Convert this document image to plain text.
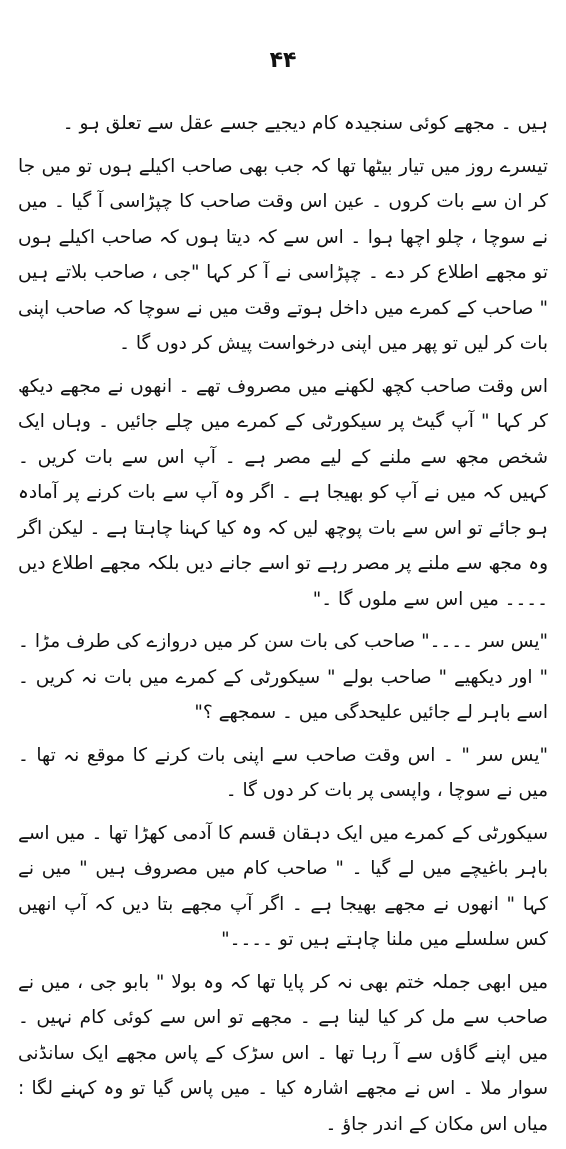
۴۴

ہیں ۔ مجھے کوئی سنجیدہ کام دیجیے جسے عقل سے تعلق ہو ۔

تیسرے روز میں تیار بیٹھا تھا کہ جب بھی صاحب اکیلے ہوں تو میں جا کر ان سے بات کروں ۔ عین اس وقت صاحب کا چپڑاسی آ گیا ۔ میں نے سوچا ، چلو اچھا ہوا ۔ اس سے کہ دیتا ہوں کہ صاحب اکیلے ہوں تو مجھے اطلاع کر دے ۔ چپڑاسی نے آ کر کہا "جی ، صاحب بلاتے ہیں " صاحب کے کمرے میں داخل ہوتے وقت میں نے سوچا کہ صاحب اپنی بات کر لیں تو پھر میں اپنی درخواست پیش کر دوں گا ۔

اس وقت صاحب کچھ لکھنے میں مصروف تھے ۔ انھوں نے مجھے دیکھ کر کہا " آپ گیٹ پر سیکورٹی کے کمرے میں چلے جائیں ۔ وہاں ایک شخص مجھ سے ملنے کے لیے مصر ہے ۔ آپ اس سے بات کریں ۔ کہیں کہ میں نے آپ کو بھیجا ہے ۔ اگر وہ آپ سے بات کرنے پر آمادہ ہو جائے تو اس سے بات پوچھ لیں کہ وہ کیا کہنا چاہتا ہے ۔ لیکن اگر وہ مجھ سے ملنے پر مصر رہے تو اسے جانے دیں بلکہ مجھے اطلاع دیں ۔۔۔۔ میں اس سے ملوں گا ۔"

"یس سر ۔۔۔۔" صاحب کی بات سن کر میں دروازے کی طرف مڑا ۔ " اور دیکھیے " صاحب بولے " سیکورٹی کے کمرے میں بات نہ کریں ۔ اسے باہر لے جائیں علیحدگی میں ۔ سمجھے ؟"

"یس سر " ۔ اس وقت صاحب سے اپنی بات کرنے کا موقع نہ تھا ۔ میں نے سوچا ، واپسی پر بات کر دوں گا ۔

سیکورٹی کے کمرے میں ایک دہقان قسم کا آدمی کھڑا تھا ۔ میں اسے باہر باغیچے میں لے گیا ۔ " صاحب کام میں مصروف ہیں " میں نے کہا " انھوں نے مجھے بھیجا ہے ۔ اگر آپ مجھے بتا دیں کہ آپ انھیں کس سلسلے میں ملنا چاہتے ہیں تو ۔۔۔۔"

میں ابھی جملہ ختم بھی نہ کر پایا تھا کہ وہ بولا " بابو جی ، میں نے صاحب سے مل کر کیا لینا ہے ۔ مجھے تو اس سے کوئی کام نہیں ۔ میں اپنے گاؤں سے آ رہا تھا ۔ اس سڑک کے پاس مجھے ایک سانڈنی سوار ملا ۔ اس نے مجھے اشارہ کیا ۔ میں پاس گیا تو وہ کہنے لگا : میاں اس مکان کے اندر جاؤ ۔
